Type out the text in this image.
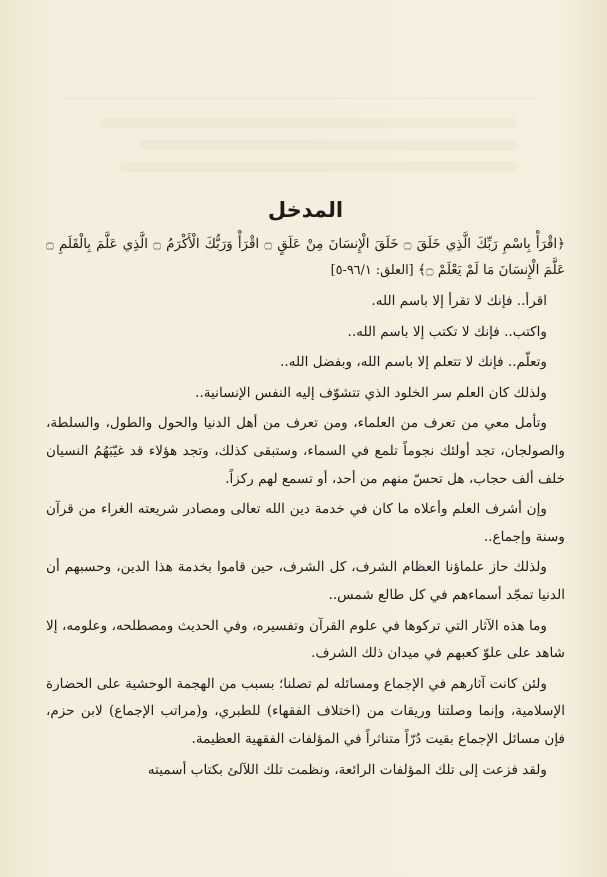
المدخل

﴿اقْرَأْ بِاسْمِ رَبِّكَ الَّذِي خَلَقَ ۝ خَلَقَ الْإِنسَانَ مِنْ عَلَقٍ ۝ اقْرَأْ وَرَبُّكَ الْأَكْرَمُ ۝ الَّذِي عَلَّمَ بِالْقَلَمِ ۝ عَلَّمَ الْإِنسَانَ مَا لَمْ يَعْلَمْ ۝﴾ [العلق: ٩٦/١-٥]

اقرأ.. فإنك لا تقرأ إلا باسم الله.

واكتب.. فإنك لا تكتب إلا باسم الله..

وتعلّم.. فإنك لا تتعلم إلا باسم الله، وبفضل الله..

ولذلك كان العلم سر الخلود الذي تتشوّف إليه النفس الإنسانية..

وتأمل معي من تعرف من العلماء، ومن تعرف من أهل الدنيا والحول والطول، والسلطة، والصولجان، تجد أولئك نجوماً تلمع في السماء، وستبقى كذلك، وتجد هؤلاء قد غيّبَهُمُ النسيان خلف ألف حجاب، هل تحسّ منهم من أحد، أو تسمع لهم ركزاً.

وإن أشرف العلم وأعلاه ما كان في خدمة دين الله تعالى ومصادر شريعته الغراء من قرآن وسنة وإجماع..

ولذلك حاز علماؤنا العظام الشرف، كل الشرف، حين قاموا بخدمة هذا الدين، وحسبهم أن الدنيا تمجّد أسماءهم في كل طالع شمس..

وما هذه الآثار التي تركوها في علوم القرآن وتفسيره، وفي الحديث ومصطلحه، وعلومه، إلا شاهد على علوّ كعبهم في ميدان ذلك الشرف.

ولئن كانت آثارهم في الإجماع ومسائله لم تصلنا؛ بسبب من الهجمة الوحشية على الحضارة الإسلامية، وإنما وصلتنا وريقات من (اختلاف الفقهاء) للطبري، و(مراتب الإجماع) لابن حزم، فإن مسائل الإجماع بقيت دُرّاً متناثراً في المؤلفات الفقهية العظيمة.

ولقد فزعت إلى تلك المؤلفات الرائعة، ونظمت تلك اللآلئ بكتاب أسميته
